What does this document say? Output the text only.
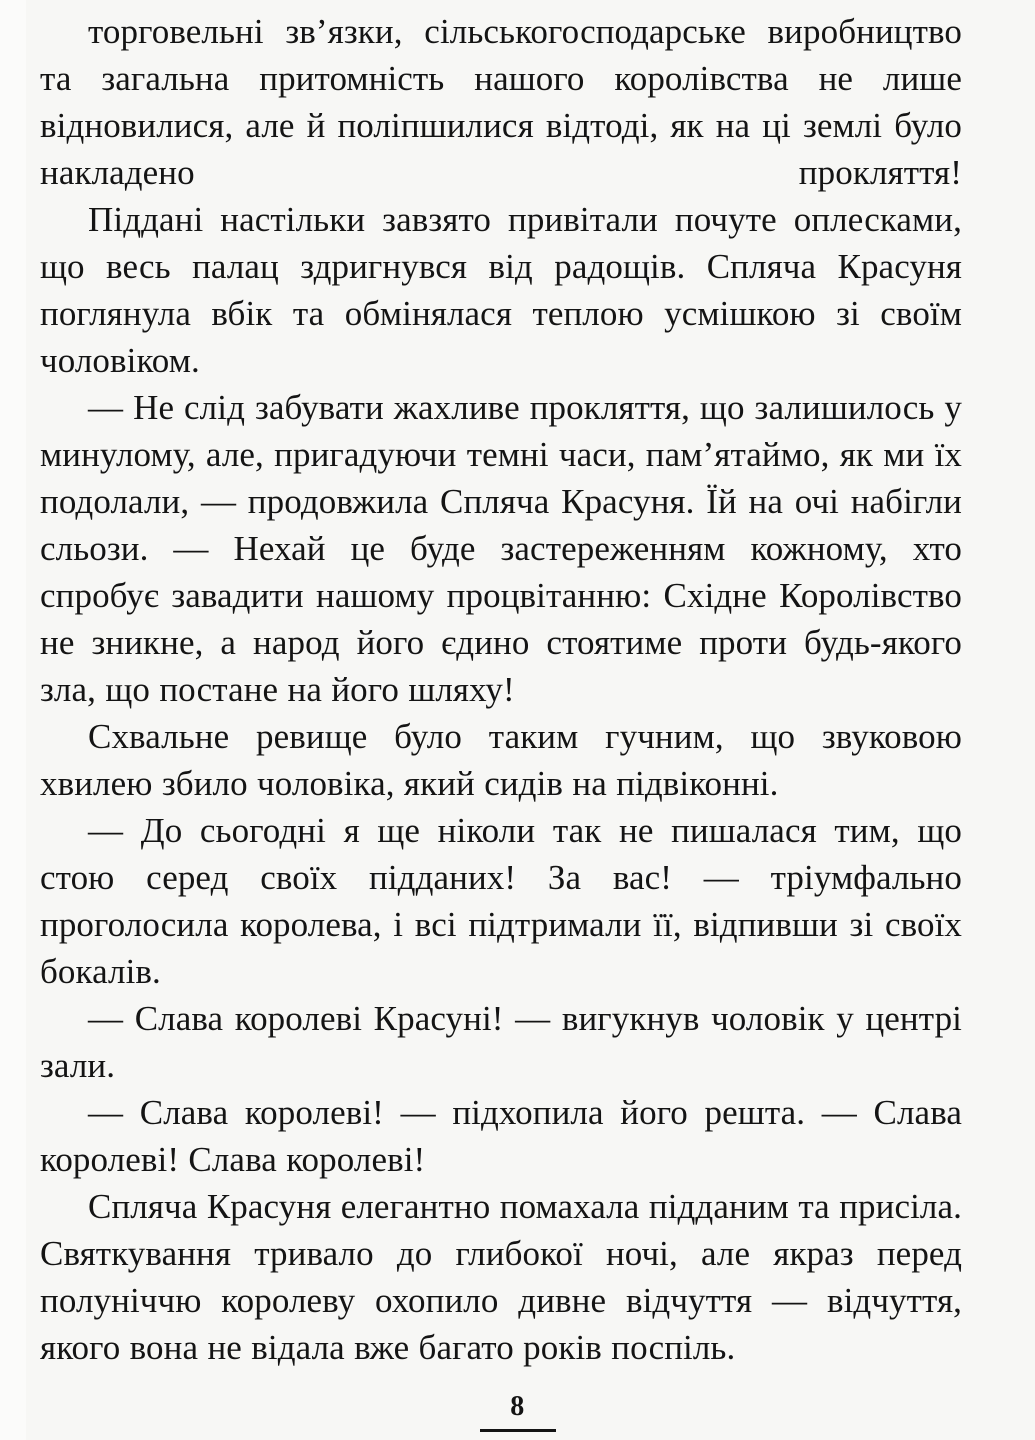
торговельні зв’язки, сільськогосподарське виробництво та загальна притомність нашого королівства не лише відновилися, але й поліпшилися відтоді, як на ці землі було накладено прокляття!

Піддані настільки завзято привітали почуте оплесками, що весь палац здригнувся від радощів. Спляча Красуня поглянула вбік та обмінялася теплою усмішкою зі своїм чоловіком.

— Не слід забувати жахливе прокляття, що залишилось у минулому, але, пригадуючи темні часи, пам’ятаймо, як ми їх подолали, — продовжила Спляча Красуня. Їй на очі набігли сльози. — Нехай це буде застереженням кожному, хто спробує завадити нашому процвітанню: Східне Королівство не зникне, а народ його єдино стоятиме проти будь-якого зла, що постане на його шляху!

Схвальне ревище було таким гучним, що звуковою хвилею збило чоловіка, який сидів на підвіконні.

— До сьогодні я ще ніколи так не пишалася тим, що стою серед своїх підданих! За вас! — тріумфально проголосила королева, і всі підтримали її, відпивши зі своїх бокалів.

— Слава королеві Красуні! — вигукнув чоловік у центрі зали.

— Слава королеві! — підхопила його решта. — Слава королеві! Слава королеві!

Спляча Красуня елегантно помахала підданим та присіла. Святкування тривало до глибокої ночі, але якраз перед полуніччю королеву охопило дивне відчуття — відчуття, якого вона не відала вже багато років поспіль.

8
